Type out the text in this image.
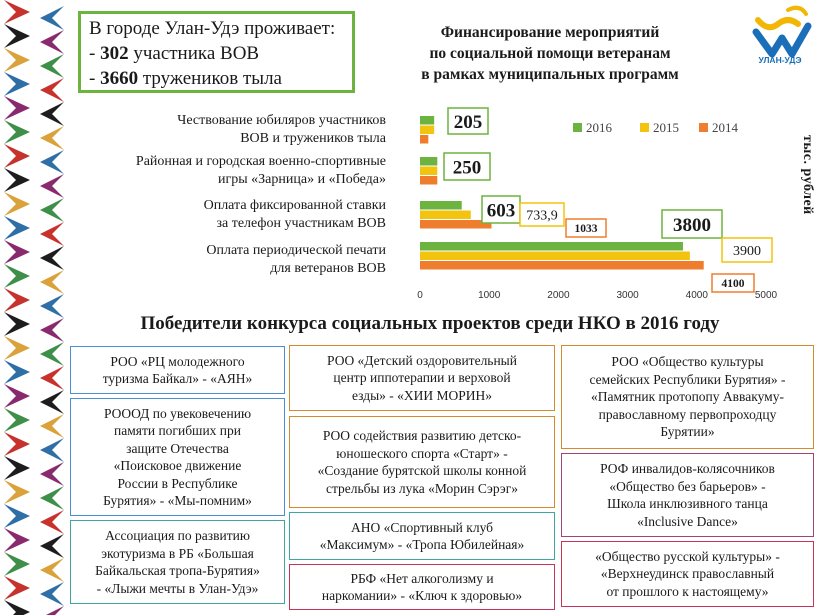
В городе Улан-Удэ проживает:
- 302 участника ВОВ
- 3660 тружеников тыла
Финансирование мероприятий
по социальной помощи ветеранам
в рамках муниципальных программ
УЛАН-УДЭ
Чествование юбиляров участников
ВОВ и тружеников тыла
Районная и городская военно-спортивные
игры «Зарница» и «Победа»
Оплата фиксированной ставки
за телефон участникам ВОВ
Оплата периодической печати
для ветеранов ВОВ
0	1000	2000	3000	4000	5000
2016	2015	2014
205
250
603 733,9
1033	3800
3900
4100
тыс. рублей
Победители конкурса социальных проектов среди НКО в 2016 году
РОО «РЦ молодежного
туризма Байкал» - «АЯН»
РОООД по увековечению
памяти погибших при
защите Отечества
«Поисковое движение
России в Республике
Бурятия» - «Мы-помним»
Ассоциация по развитию
экотуризма в РБ «Большая
Байкальская тропа-Бурятия»
- «Лыжи мечты в Улан-Удэ»
РОО «Детский оздоровительный
центр иппотерапии и верховой
езды» - «ХИИ МОРИН»
РОО содействия развитию детско-
юношеского спорта «Старт» -
«Создание бурятской школы конной
стрельбы из лука «Морин Сэрэг»
АНО «Спортивный клуб
«Максимум» - «Тропа Юбилейная»
РБФ «Нет алкоголизму и
наркомании» - «Ключ к здоровью»
РОО «Общество культуры
семейских Республики Бурятия» -
«Памятник протопопу Аввакуму-
православному первопроходцу
Бурятии»
РОФ инвалидов-колясочников
«Общество без барьеров» -
Школа инклюзивного танца
«Inclusive Dance»
«Общество русской культуры» -
«Верхнеудинск православный
от прошлого к настоящему»
